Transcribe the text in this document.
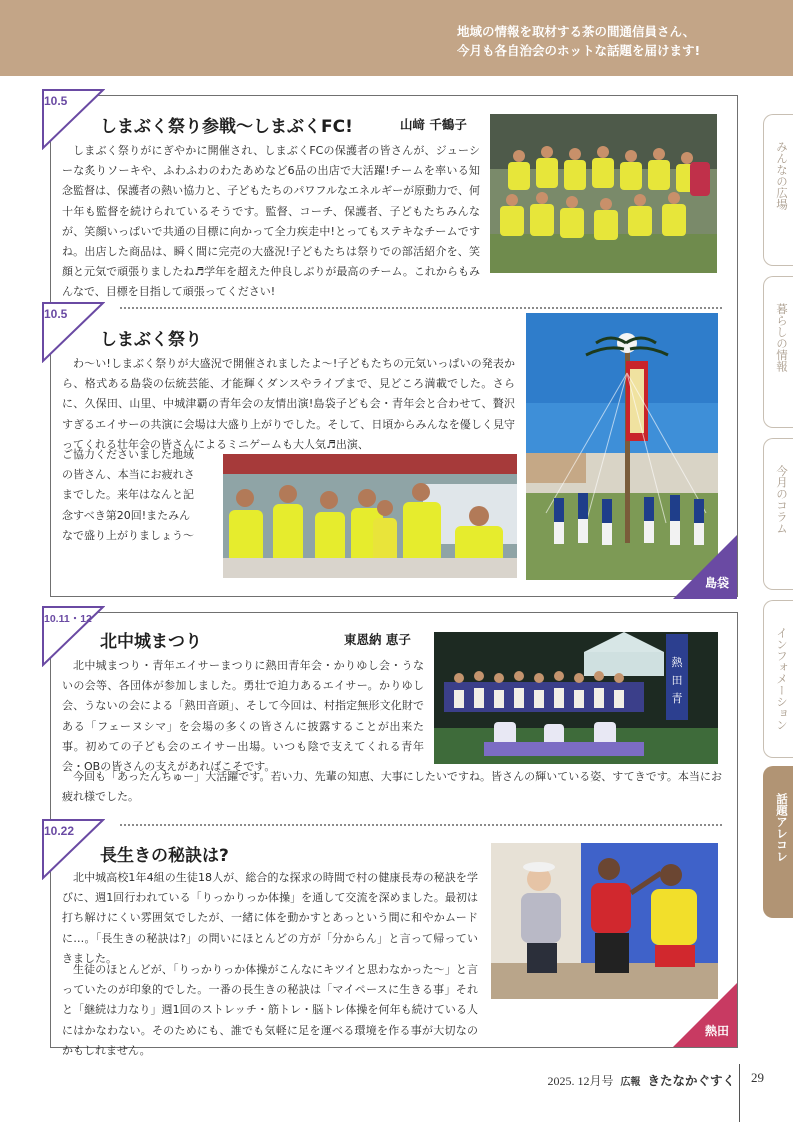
地域の情報を取材する茶の間通信員さん、
今月も各自治会のホットな話題を届けます!
みんなの広場
暮らしの情報
今月のコラム
インフォメーション
話題アレコレ
10.5
しまぶく祭り参戦〜しまぶくFC!	山﨑 千鶴子

しまぶく祭りがにぎやかに開催され、しまぶくFCの保護者の皆さんが、ジューシーな炙りソーキや、ふわふわのわたあめなど6品の出店で大活躍!チームを率いる知念監督は、保護者の熱い協力と、子どもたちのパワフルなエネルギーが原動力で、何十年も監督を続けられているそうです。監督、コーチ、保護者、子どもたちみんなが、笑顔いっぱいで共通の目標に向かって全力疾走中!とってもステキなチームですね。出店した商品は、瞬く間に完売の大盛況!子どもたちは祭りでの部活紹介を、笑顔と元気で頑張りましたね♬学年を超えた仲良しぶりが最高のチーム。これからもみんなで、目標を目指して頑張ってください!

10.5
しまぶく祭り

わ〜い!しまぶく祭りが大盛況で開催されましたよ〜!子どもたちの元気いっぱいの発表から、格式ある島袋の伝統芸能、才能輝くダンスやライブまで、見どころ満載でした。さらに、久保田、山里、中城津覇の青年会の友情出演!島袋子ども会・青年会と合わせて、贅沢すぎるエイサーの共演に会場は大盛り上がりでした。そして、日頃からみんなを優しく見守ってくれる壮年会の皆さんによるミニゲームも大人気♬出演、

ご協力くださいました地域
の皆さん、本当にお疲れさ
までした。来年はなんと記
念すべき第20回!またみん
なで盛り上がりましょう〜
島袋
10.11・12
北中城まつり	東恩納 恵子

北中城まつり・青年エイサーまつりに熱田青年会・かりゆし会・うないの会等、各団体が参加しました。勇壮で迫力あるエイサー。かりゆし会、うないの会による「熱田音頭」、そして今回は、村指定無形文化財である「フェーヌシマ」を会場の多くの皆さんに披露することが出来た事。初めての子ども会のエイサー出場。いつも陰で支えてくれる青年会・OBの皆さんの支えがあればこそです。

今回も「あったんちゅー」大活躍です。若い力、先輩の知恵、大事にしたいですね。皆さんの輝いている姿、すてきです。本当にお疲れ様でした。

熱
田
青
10.22
長生きの秘訣は?

北中城高校1年4組の生徒18人が、総合的な探求の時間で村の健康長寿の秘訣を学びに、週1回行われている「りっかりっか体操」を通して交流を深めました。最初は打ち解けにくい雰囲気でしたが、一緒に体を動かすとあっという間に和やかムードに…。「長生きの秘訣は?」の問いにほとんどの方が「分からん」と言って帰っていきました。

生徒のほとんどが、「りっかりっか体操がこんなにキツイと思わなかった〜」と言っていたのが印象的でした。一番の長生きの秘訣は「マイペースに生きる事」それと「継続は力なり」週1回のストレッチ・筋トレ・脳トレ体操を何年も続けている人にはかなわない。そのためにも、誰でも気軽に足を運べる環境を作る事が大切なのかもしれません。

熱田
2025. 12月号 広報 きたなかぐすく 29
